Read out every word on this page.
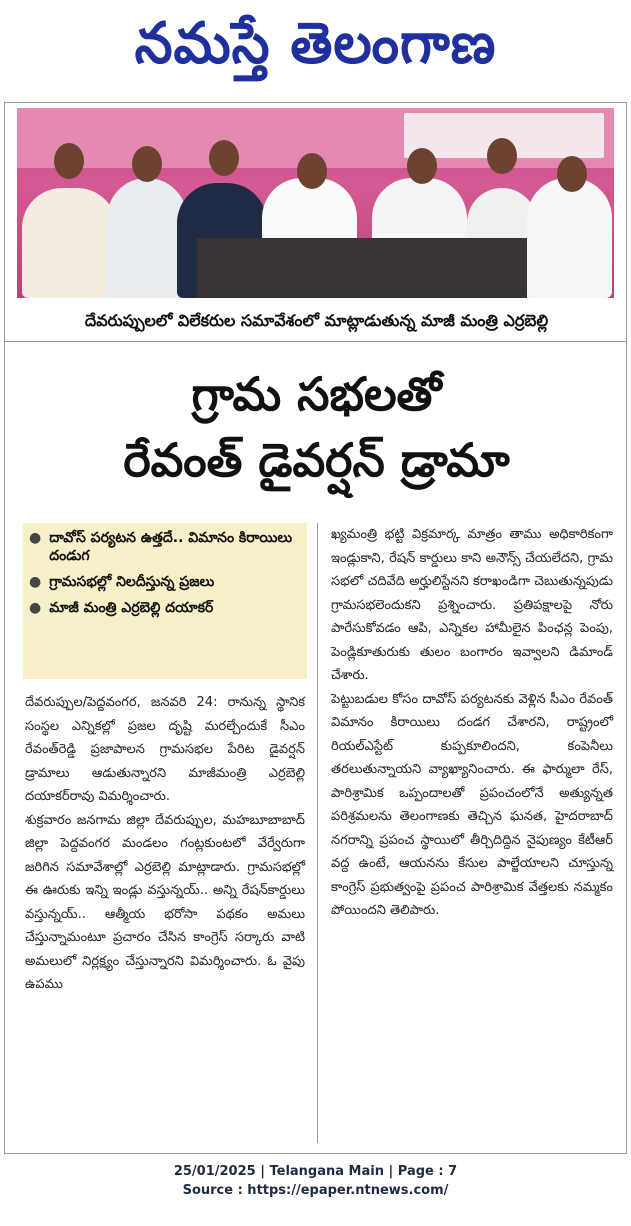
నమస్తే తెలంగాణ
దేవరుప్పులలో విలేకరుల సమావేశంలో మాట్లాడుతున్న మాజీ మంత్రి ఎర్రబెల్లి
గ్రామ సభలతో
రేవంత్ డైవర్షన్ డ్రామా
● దావోస్ పర్యటన ఉత్తదే.. విమానం కిరాయిలు దండుగ
● గ్రామసభల్లో నిలదీస్తున్న ప్రజలు
● మాజీ మంత్రి ఎర్రబెల్లి దయాకర్

దేవరుప్పుల/పెద్దవంగర, జనవరి 24: రానున్న స్థానిక సంస్థల ఎన్నికల్లో ప్రజల దృష్టి మరల్చేందుకే సీఎం రేవంత్‌రెడ్డి ప్రజాపాలన గ్రామసభల పేరిట డైవర్షన్ డ్రామాలు ఆడుతున్నారని మాజీమంత్రి ఎర్రబెల్లి దయాకర్‌రావు విమర్శించారు.

శుక్రవారం జనగామ జిల్లా దేవరుప్పుల, మహబూబాబాద్ జిల్లా పెద్దవంగర మండలం గంట్లకుంటలో వేర్వేరుగా జరిగిన సమావేశాల్లో ఎర్రబెల్లి మాట్లాడారు. గ్రామసభల్లో ఈ ఊరుకు ఇన్ని ఇండ్లు వస్తున్నయ్.. అన్ని రేషన్‌కార్డులు వస్తున్నయ్.. ఆత్మీయ భరోసా పథకం అమలు చేస్తున్నామంటూ ప్రచారం చేసిన కాంగ్రెస్ సర్కారు వాటి అమలులో నిర్లక్ష్యం చేస్తున్నారని విమర్శించారు. ఓ వైపు ఉపము

ఖ్యమంత్రి భట్టి విక్రమార్క మాత్రం తాము అధికారికంగా ఇండ్లుకాని, రేషన్ కార్డులు కాని అనౌన్స్ చేయలేదని, గ్రామ సభలో చదివేది అర్హులిస్టేనని కరాఖండిగా చెబుతున్నపుడు గ్రామసభలెందుకని ప్రశ్నించారు. ప్రతిపక్షాలపై నోరు పారేసుకోవడం ఆపి, ఎన్నికల హామీలైన పింఛన్ల పెంపు, పెండ్లికూతురుకు తులం బంగారం ఇవ్వాలని డిమాండ్ చేశారు.

పెట్టుబడుల కోసం దావోస్ పర్యటనకు వెళ్లిన సీఎం రేవంత్ విమానం కిరాయిలు దండగ చేశారని, రాష్ట్రంలో రియల్‌ఎస్టేట్ కుప్పకూలిందని, కంపెనీలు తరలుతున్నాయని వ్యాఖ్యానించారు. ఈ ఫార్ములా రేస్, పారిశ్రామిక ఒప్పందాలతో ప్రపంచంలోనే అత్యున్నత పరిశ్రమలను తెలంగాణకు తెచ్చిన ఘనత, హైదరాబాద్ నగరాన్ని ప్రపంచ స్థాయిలో తీర్చిదిద్దిన నైపుణ్యం కేటీఆర్ వద్ద ఉంటే, ఆయనను కేసుల పాల్జేయాలని చూస్తున్న కాంగ్రెస్ ప్రభుత్వంపై ప్రపంచ పారిశ్రామిక వేత్తలకు నమ్మకం పోయిందని తెలిపారు.

25/01/2025 | Telangana Main | Page : 7
Source : https://epaper.ntnews.com/
